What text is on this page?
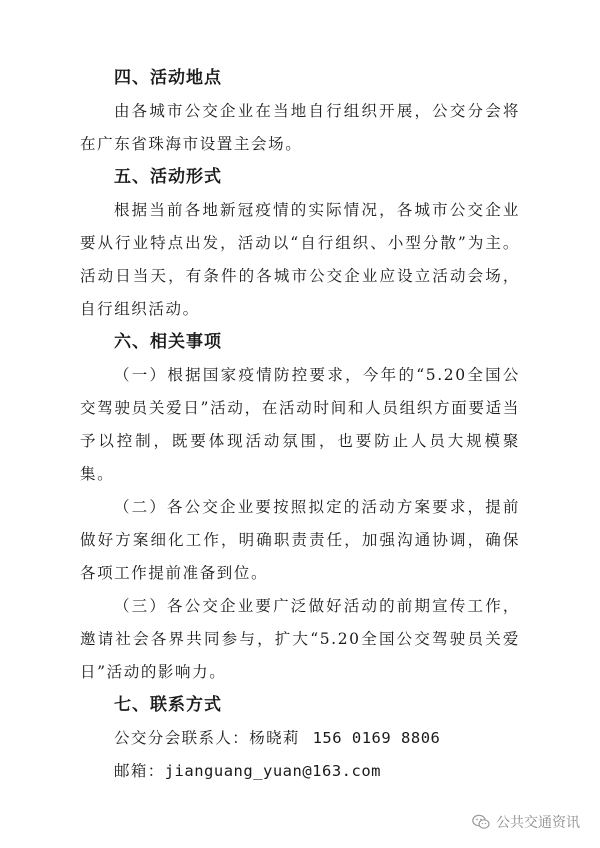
四、活动地点

由各城市公交企业在当地自行组织开展，公交分会将在广东省珠海市设置主会场。

五、活动形式

根据当前各地新冠疫情的实际情况，各城市公交企业要从行业特点出发，活动以“自行组织、小型分散”为主。活动日当天，有条件的各城市公交企业应设立活动会场，自行组织活动。

六、相关事项

（一）根据国家疫情防控要求，今年的“5.20全国公交驾驶员关爱日”活动，在活动时间和人员组织方面要适当予以控制，既要体现活动氛围，也要防止人员大规模聚集。

（二）各公交企业要按照拟定的活动方案要求，提前做好方案细化工作，明确职责责任，加强沟通协调，确保各项工作提前准备到位。

（三）各公交企业要广泛做好活动的前期宣传工作，邀请社会各界共同参与，扩大“5.20全国公交驾驶员关爱日”活动的影响力。

七、联系方式

公交分会联系人：杨晓莉 156 0169 8806

邮箱：jianguang_yuan@163.com

公共交通资讯
